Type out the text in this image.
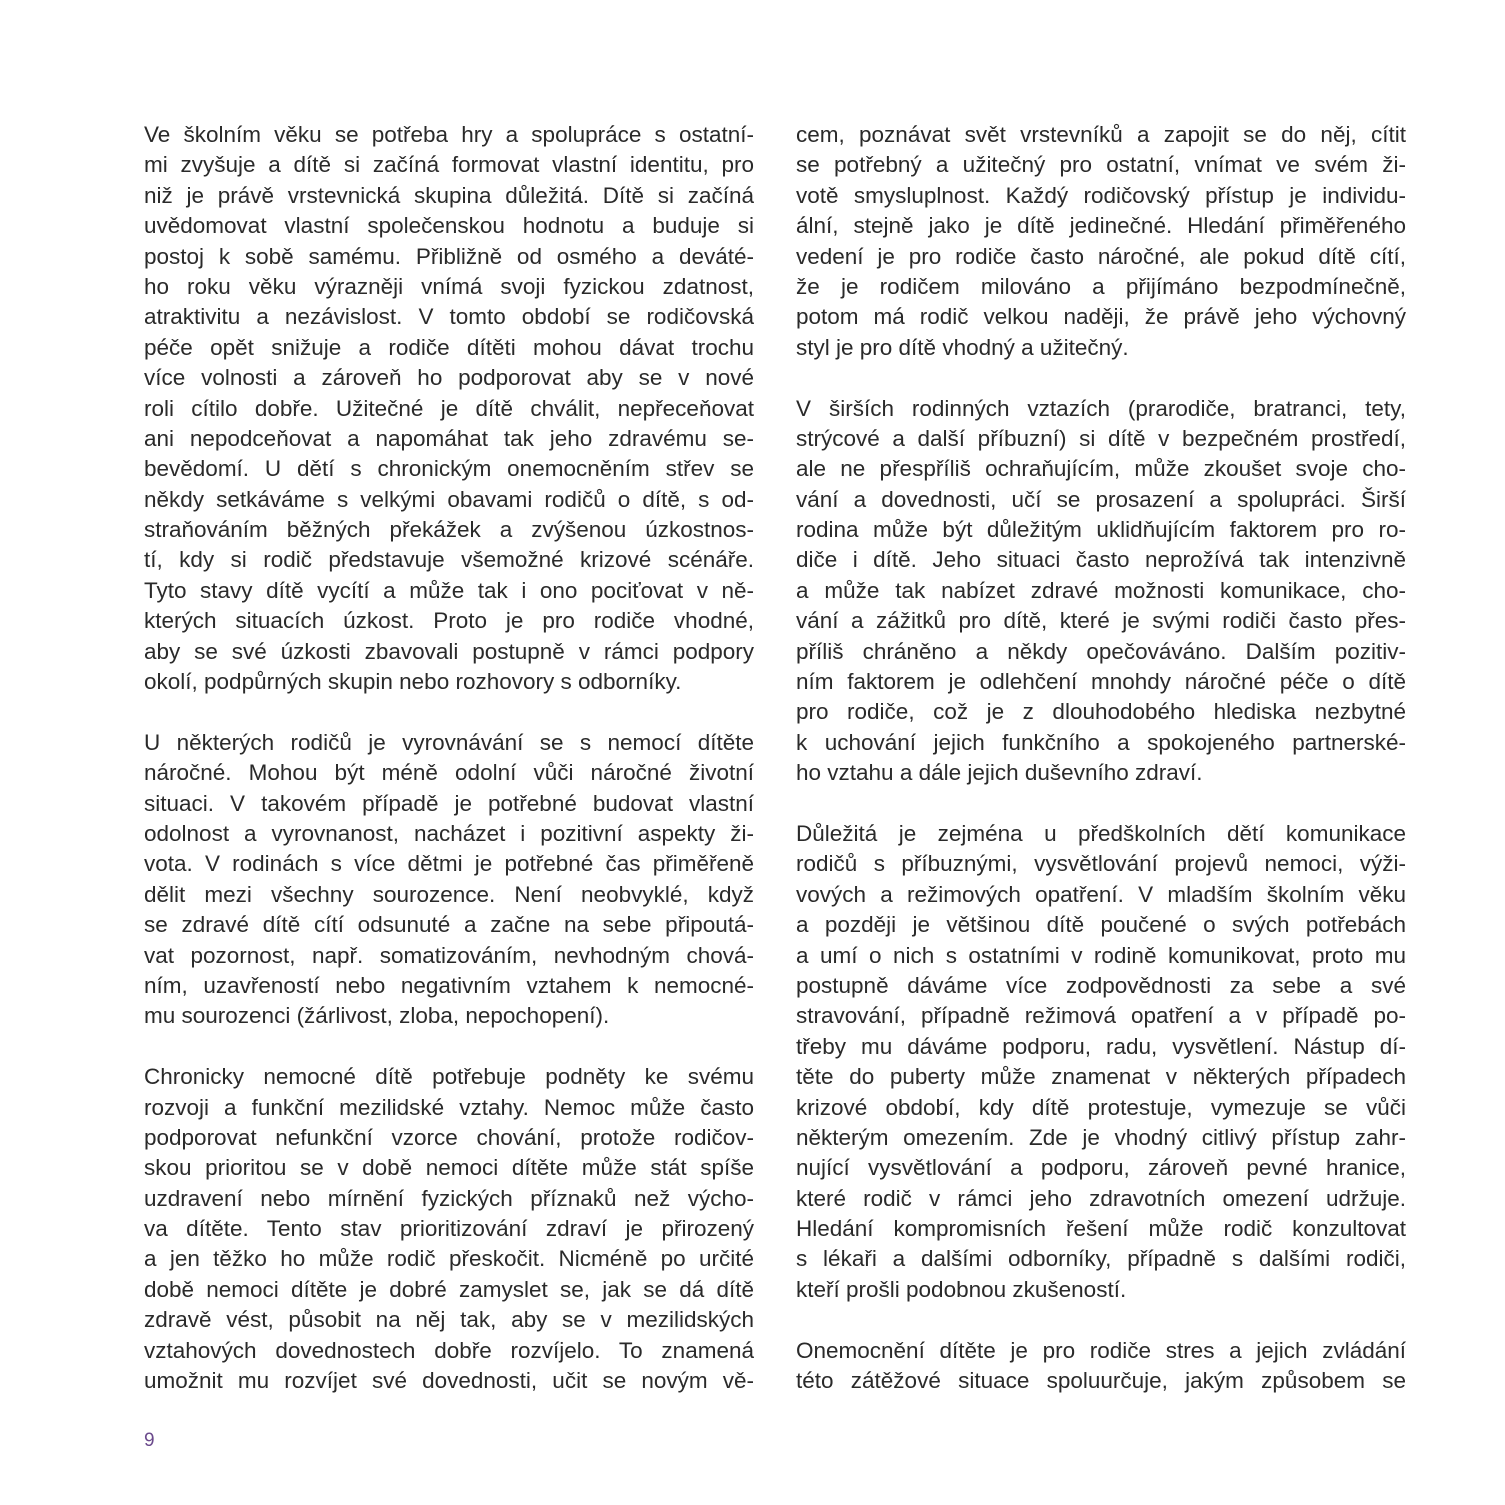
Ve školním věku se potřeba hry a spolupráce s ostatní-
mi zvyšuje a dítě si začíná formovat vlastní identitu, pro
niž je právě vrstevnická skupina důležitá. Dítě si začíná
uvědomovat vlastní společenskou hodnotu a buduje si
postoj k sobě samému. Přibližně od osmého a deváté-
ho roku věku výrazněji vnímá svoji fyzickou zdatnost,
atraktivitu a nezávislost. V tomto období se rodičovská
péče opět snižuje a rodiče dítěti mohou dávat trochu
více volnosti a zároveň ho podporovat aby se v nové
roli cítilo dobře. Užitečné je dítě chválit, nepřeceňovat
ani nepodceňovat a napomáhat tak jeho zdravému se-
bevědomí. U dětí s chronickým onemocněním střev se
někdy setkáváme s velkými obavami rodičů o dítě, s od-
straňováním běžných překážek a zvýšenou úzkostnos-
tí, kdy si rodič představuje všemožné krizové scénáře.
Tyto stavy dítě vycítí a může tak i ono pociťovat v ně-
kterých situacích úzkost. Proto je pro rodiče vhodné,
aby se své úzkosti zbavovali postupně v rámci podpory
okolí, podpůrných skupin nebo rozhovory s odborníky.
U některých rodičů je vyrovnávání se s nemocí dítěte
náročné. Mohou být méně odolní vůči náročné životní
situaci. V takovém případě je potřebné budovat vlastní
odolnost a vyrovnanost, nacházet i pozitivní aspekty ži-
vota. V rodinách s více dětmi je potřebné čas přiměřeně
dělit mezi všechny sourozence. Není neobvyklé, když
se zdravé dítě cítí odsunuté a začne na sebe připoutá-
vat pozornost, např. somatizováním, nevhodným chová-
ním, uzavřeností nebo negativním vztahem k nemocné-
mu sourozenci (žárlivost, zloba, nepochopení).
Chronicky nemocné dítě potřebuje podněty ke svému
rozvoji a funkční mezilidské vztahy. Nemoc může často
podporovat nefunkční vzorce chování, protože rodičov-
skou prioritou se v době nemoci dítěte může stát spíše
uzdravení nebo mírnění fyzických příznaků než výcho-
va dítěte. Tento stav prioritizování zdraví je přirozený
a jen těžko ho může rodič přeskočit. Nicméně po určité
době nemoci dítěte je dobré zamyslet se, jak se dá dítě
zdravě vést, působit na něj tak, aby se v mezilidských
vztahových dovednostech dobře rozvíjelo. To znamená
umožnit mu rozvíjet své dovednosti, učit se novým vě-
cem, poznávat svět vrstevníků a zapojit se do něj, cítit
se potřebný a užitečný pro ostatní, vnímat ve svém ži-
votě smysluplnost. Každý rodičovský přístup je individu-
ální, stejně jako je dítě jedinečné. Hledání přiměřeného
vedení je pro rodiče často náročné, ale pokud dítě cítí,
že je rodičem milováno a přijímáno bezpodmínečně,
potom má rodič velkou naději, že právě jeho výchovný
styl je pro dítě vhodný a užitečný.
V širších rodinných vztazích (prarodiče, bratranci, tety,
strýcové a další příbuzní) si dítě v bezpečném prostředí,
ale ne přespříliš ochraňujícím, může zkoušet svoje cho-
vání a dovednosti, učí se prosazení a spolupráci. Širší
rodina může být důležitým uklidňujícím faktorem pro ro-
diče i dítě. Jeho situaci často neprožívá tak intenzivně
a může tak nabízet zdravé možnosti komunikace, cho-
vání a zážitků pro dítě, které je svými rodiči často přes-
příliš chráněno a někdy opečováváno. Dalším pozitiv-
ním faktorem je odlehčení mnohdy náročné péče o dítě
pro rodiče, což je z dlouhodobého hlediska nezbytné
k uchování jejich funkčního a spokojeného partnerské-
ho vztahu a dále jejich duševního zdraví.
Důležitá je zejména u předškolních dětí komunikace
rodičů s příbuznými, vysvětlování projevů nemoci, výži-
vových a režimových opatření. V mladším školním věku
a později je většinou dítě poučené o svých potřebách
a umí o nich s ostatními v rodině komunikovat, proto mu
postupně dáváme více zodpovědnosti za sebe a své
stravování, případně režimová opatření a v případě po-
třeby mu dáváme podporu, radu, vysvětlení. Nástup dí-
těte do puberty může znamenat v některých případech
krizové období, kdy dítě protestuje, vymezuje se vůči
některým omezením. Zde je vhodný citlivý přístup zahr-
nující vysvětlování a podporu, zároveň pevné hranice,
které rodič v rámci jeho zdravotních omezení udržuje.
Hledání kompromisních řešení může rodič konzultovat
s lékaři a dalšími odborníky, případně s dalšími rodiči,
kteří prošli podobnou zkušeností.
Onemocnění dítěte je pro rodiče stres a jejich zvládání
této zátěžové situace spoluurčuje, jakým způsobem se
9
